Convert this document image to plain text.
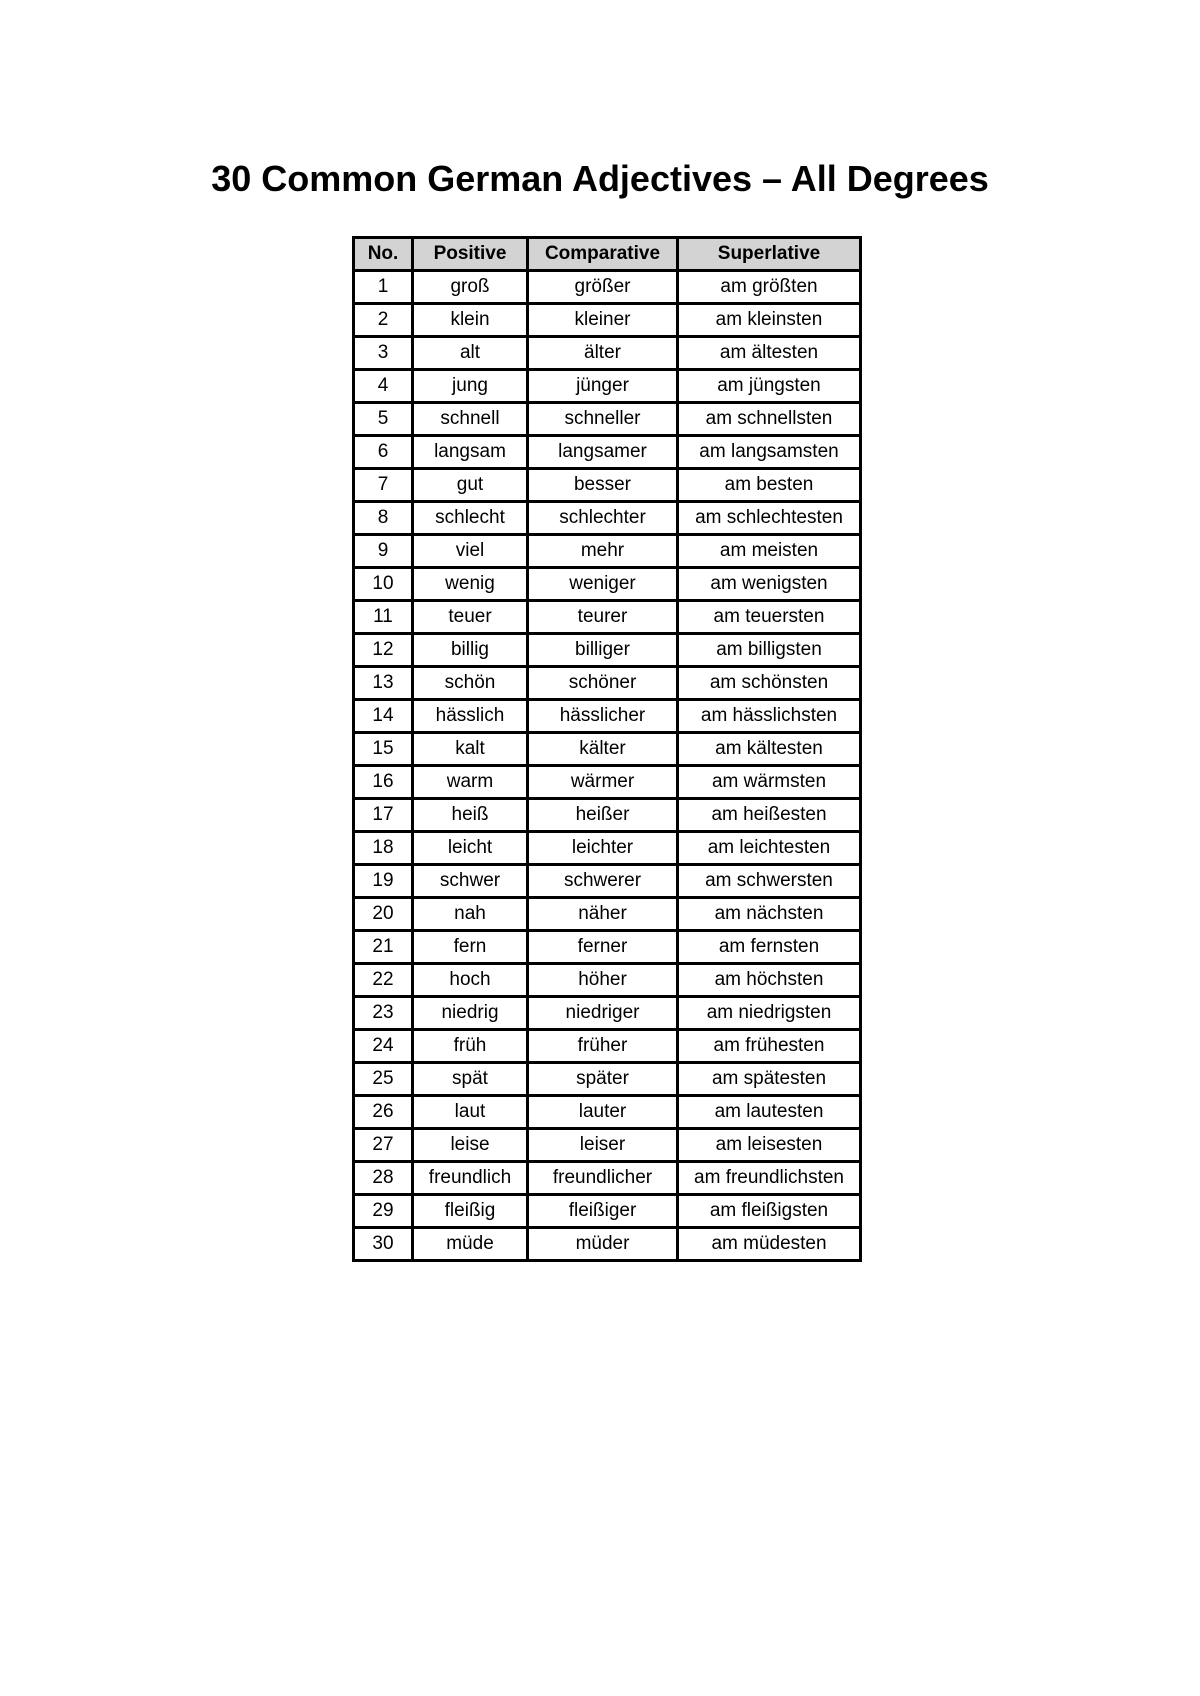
30 Common German Adjectives – All Degrees
No.	Positive	Comparative	Superlative
1	groß	größer	am größten
2	klein	kleiner	am kleinsten
3	alt	älter	am ältesten
4	jung	jünger	am jüngsten
5	schnell	schneller	am schnellsten
6	langsam	langsamer	am langsamsten
7	gut	besser	am besten
8	schlecht	schlechter	am schlechtesten
9	viel	mehr	am meisten
10	wenig	weniger	am wenigsten
11	teuer	teurer	am teuersten
12	billig	billiger	am billigsten
13	schön	schöner	am schönsten
14	hässlich	hässlicher	am hässlichsten
15	kalt	kälter	am kältesten
16	warm	wärmer	am wärmsten
17	heiß	heißer	am heißesten
18	leicht	leichter	am leichtesten
19	schwer	schwerer	am schwersten
20	nah	näher	am nächsten
21	fern	ferner	am fernsten
22	hoch	höher	am höchsten
23	niedrig	niedriger	am niedrigsten
24	früh	früher	am frühesten
25	spät	später	am spätesten
26	laut	lauter	am lautesten
27	leise	leiser	am leisesten
28	freundlich	freundlicher	am freundlichsten
29	fleißig	fleißiger	am fleißigsten
30	müde	müder	am müdesten
